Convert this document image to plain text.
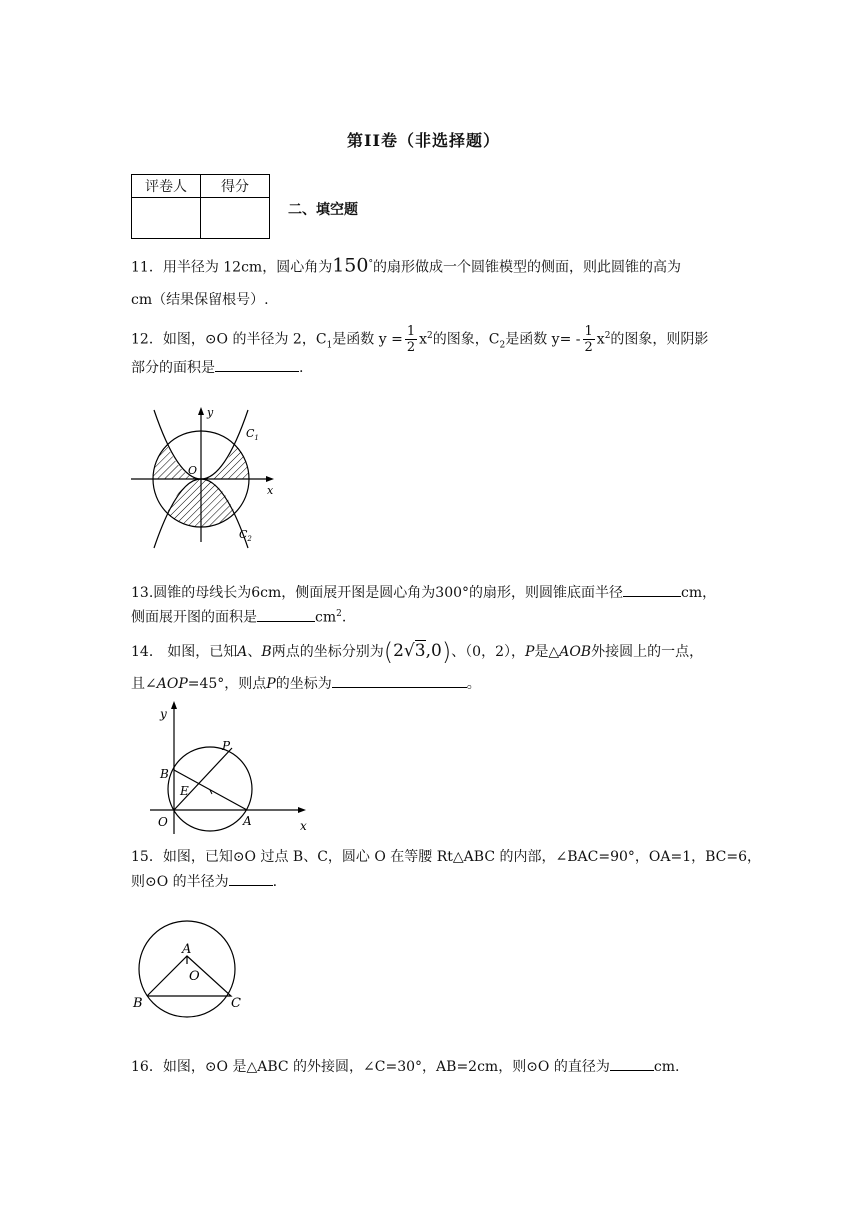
第II卷（非选择题）
评卷人	得分

二、填空题
11．用半径为 12cm，圆心角为150°的扇形做成一个圆锥模型的侧面，则此圆锥的高为
cm（结果保留根号）.
12．如图，⊙O 的半径为 2，$C_1$是函数 $y = \frac{1}{2} x^2$的图象，$C_2$是函数 $y= - \frac{1}{2} x^2$的图象，则阴影
部分的面积是	.
y
x
O
$C_1$
$C_2$
13.圆锥的母线长为6cm，侧面展开图是圆心角为300°的扇形，则圆锥底面半径	cm，
侧面展开图的面积是	$cm^2$.
14． 如图，已知A、B两点的坐标分别为(2√3,0)、（0，2），P是△AOB外接圆上的一点，
且∠AOP=45°，则点P的坐标为	。
y
x
O	A
B
P
E
15．如图，已知⊙O 过点 B、C，圆心 O 在等腰 Rt△ABC 的内部，∠BAC=90°，OA=1，BC=6，
则⊙O 的半径为	.
A
O
B	C
16．如图，⊙O 是△ABC 的外接圆，∠C=30°，AB=2cm，则⊙O 的直径为	cm.
